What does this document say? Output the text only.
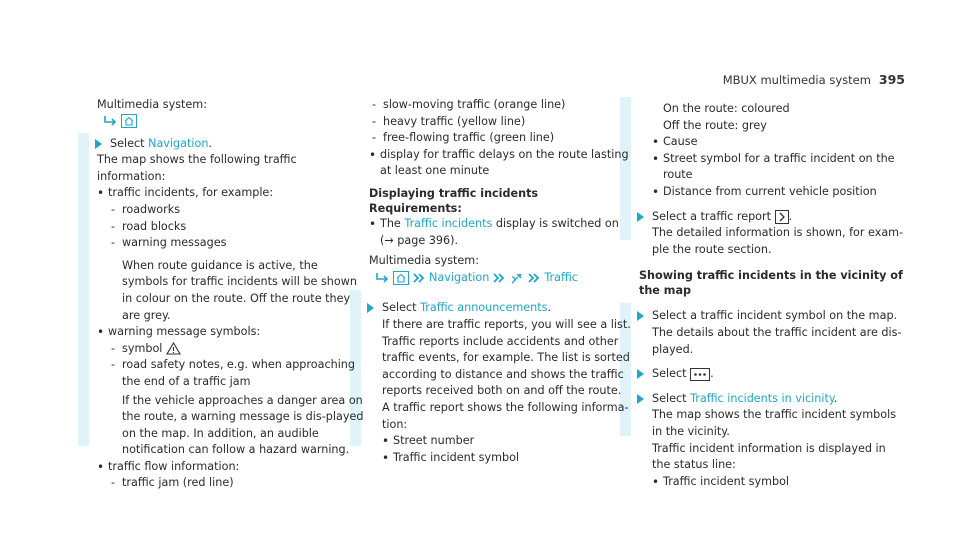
MBUX multimedia system 395

Multimedia system:

Select Navigation.

The map shows the following traffic information:

• traffic incidents, for example:
- roadworks
- road blocks
- warning messages

When route guidance is active, the symbols for traffic incidents will be shown in colour on the route. Off the route they are grey.

• warning message symbols:
- symbol
- road safety notes, e.g. when approaching the end of a traffic jam

If the vehicle approaches a danger area on the route, a warning message is dis-played on the map. In addition, an audible notification can follow a hazard warning.

• traffic flow information:
- traffic jam (red line)
- slow-moving traffic (orange line)
- heavy traffic (yellow line)
- free-flowing traffic (green line)
• display for traffic delays on the route lasting at least one minute

Displaying traffic incidents

Requirements:

• The Traffic incidents display is switched on
(→ page 396).

Multimedia system:

Navigation	Traffic
Select Traffic announcements.

If there are traffic reports, you will see a list. Traffic reports include accidents and other traffic events, for example. The list is sorted according to distance and shows the traffic reports received both on and off the route.

A traffic report shows the following informa-tion:

• Street number
• Traffic incident symbol

On the route: coloured

Off the route: grey

• Cause
• Street symbol for a traffic incident on the route
• Distance from current vehicle position
Select a traffic report .

The detailed information is shown, for exam-ple the route section.

Showing traffic incidents in the vicinity of the map

Select a traffic incident symbol on the map.

The details about the traffic incident are dis-played.

Select .
Select Traffic incidents in vicinity.

The map shows the traffic incident symbols in the vicinity.

Traffic incident information is displayed in the status line:

• Traffic incident symbol
